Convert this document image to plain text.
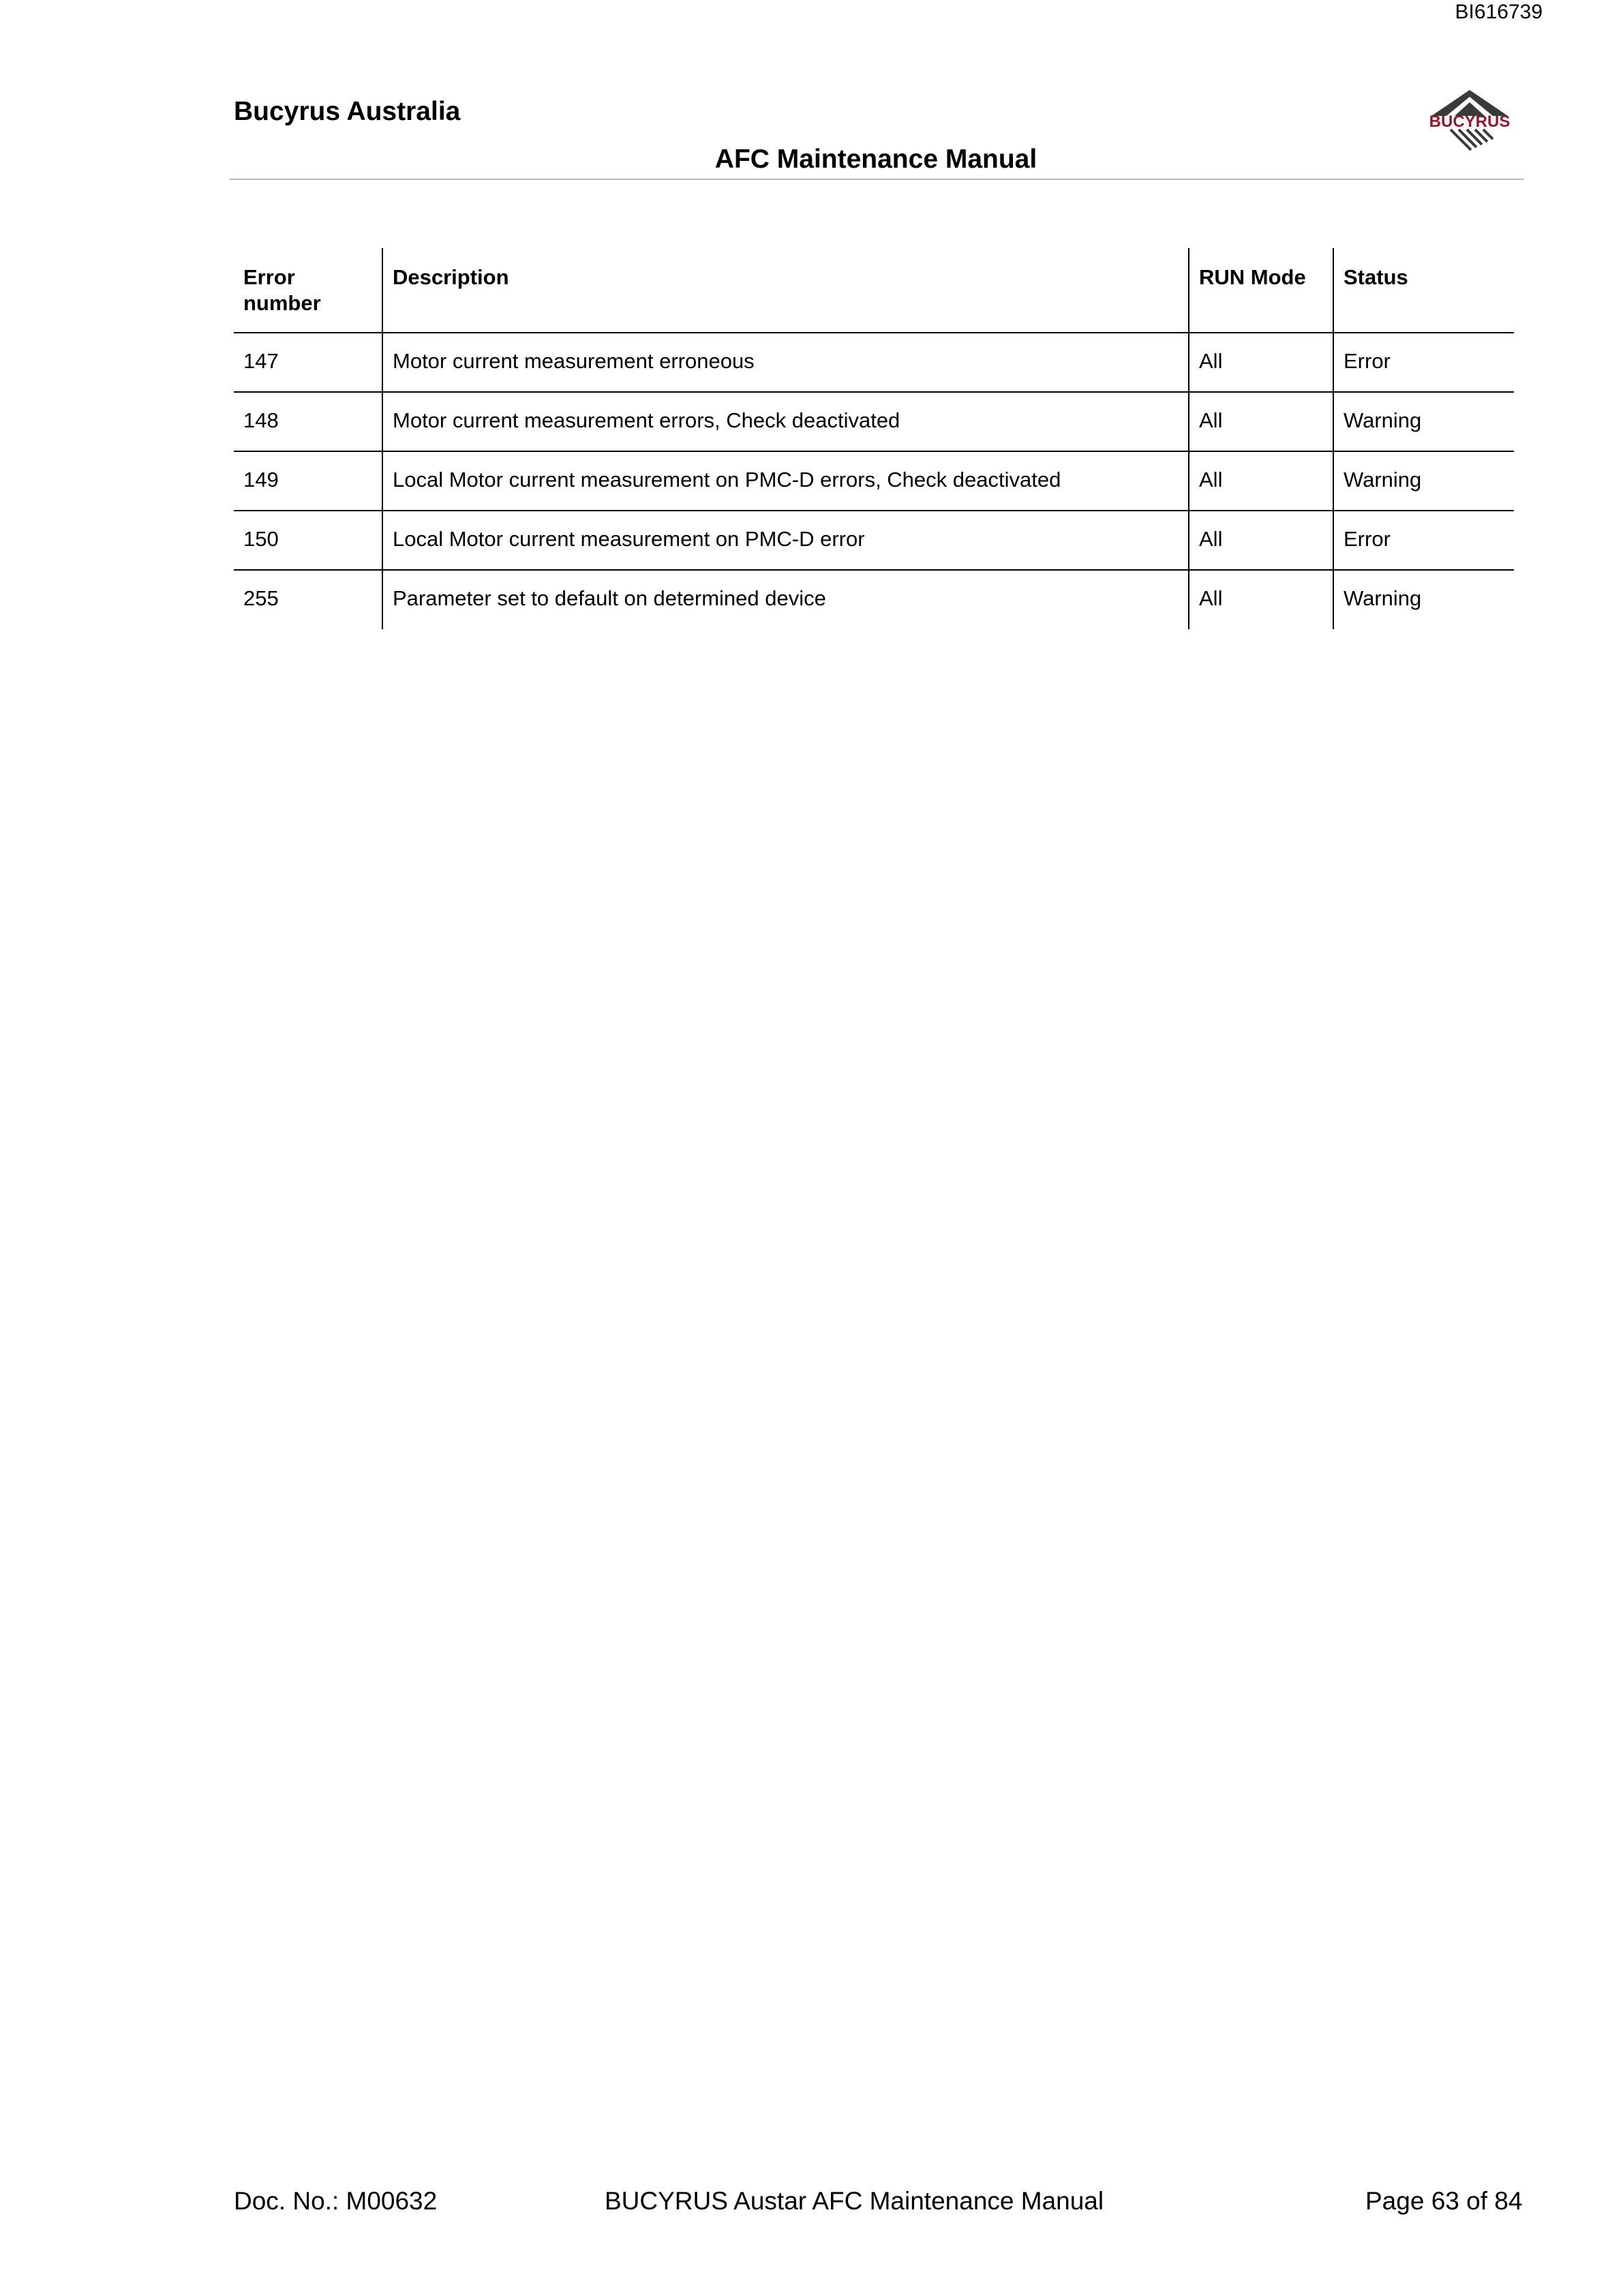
BI616739
Bucyrus Australia
AFC Maintenance Manual
BUCYRUS
Error number	Description	RUN Mode	Status
147	Motor current measurement erroneous	All	Error
148	Motor current measurement errors, Check deactivated	All	Warning
149	Local Motor current measurement on PMC-D errors, Check deactivated	All	Warning
150	Local Motor current measurement on PMC-D error	All	Error
255	Parameter set to default on determined device	All	Warning
Doc. No.: M00632	BUCYRUS Austar AFC Maintenance Manual	Page 63 of 84
